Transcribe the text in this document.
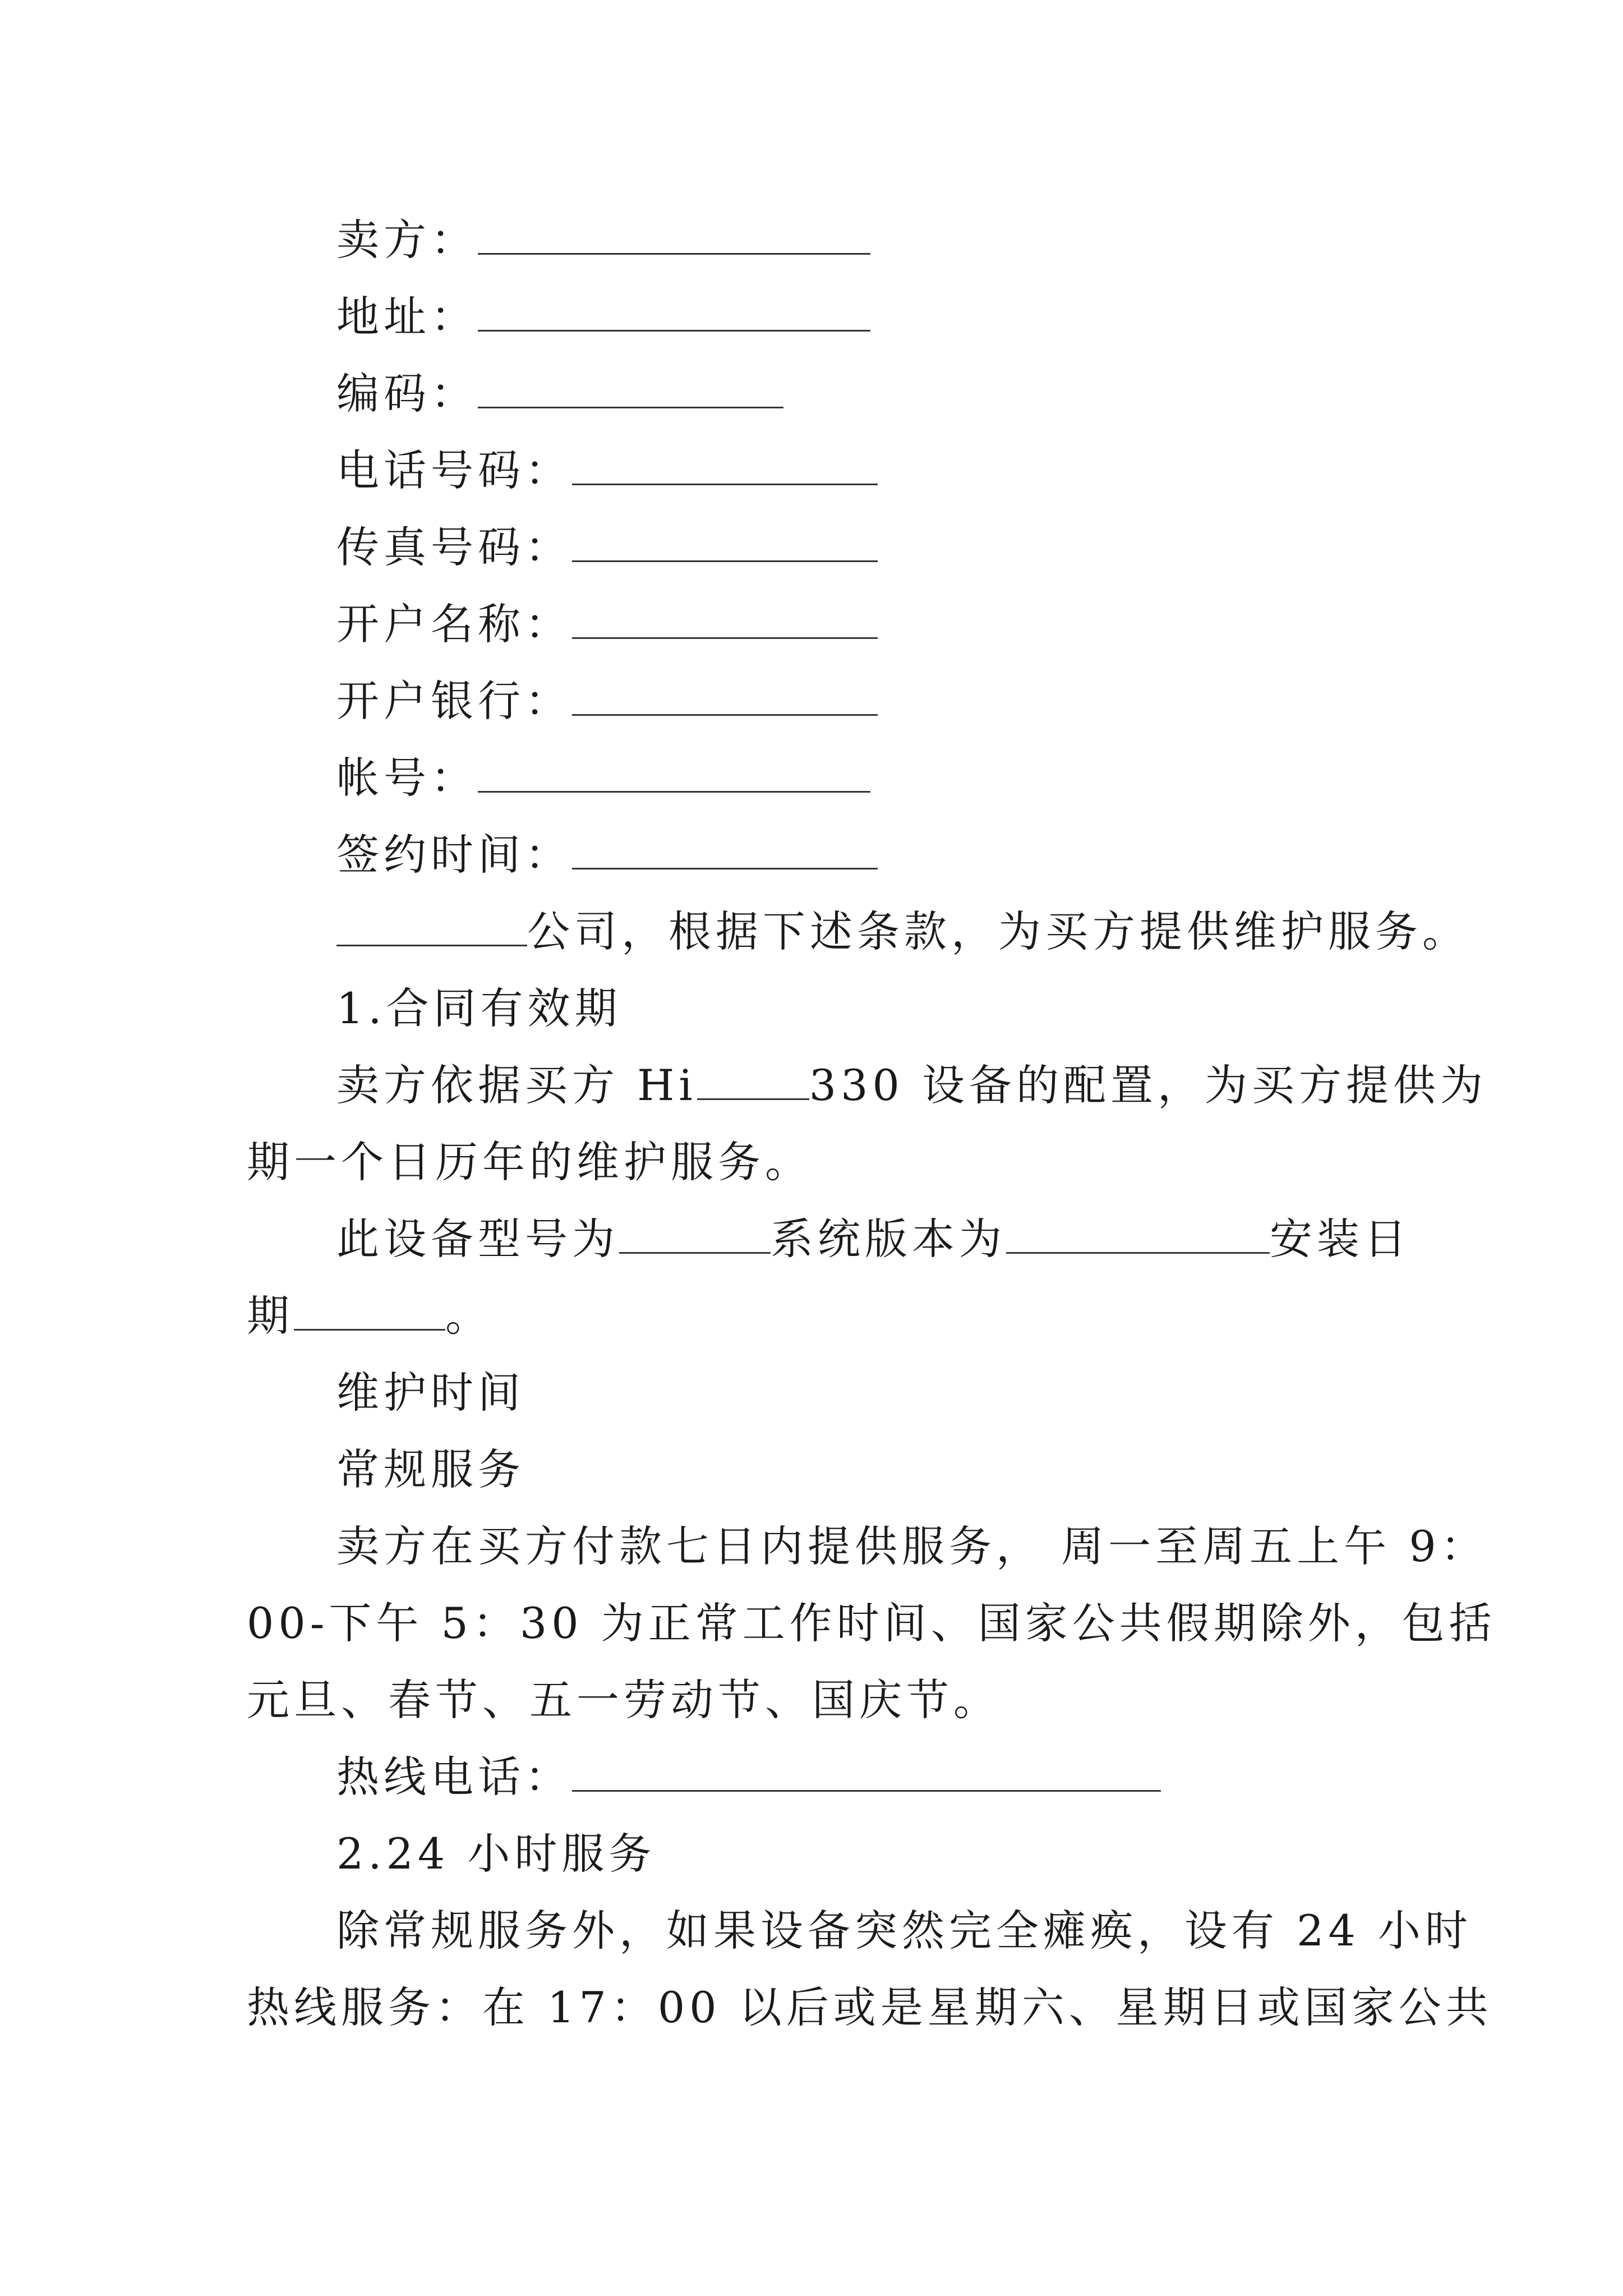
卖方：
地址：
编码：
电话号码：
传真号码：
开户名称：
开户银行：
帐号：
签约时间：
公司，根据下述条款，为买方提供维护服务。
1.合同有效期
卖方依据买方 Hi	330 设备的配置，为买方提供为
期一个日历年的维护服务。
此设备型号为	系统版本为	安装日
期	。
维护时间
常规服务
卖方在买方付款七日内提供服务， 周一至周五上午 9：
00-下午 5：30 为正常工作时间、国家公共假期除外，包括
元旦、春节、五一劳动节、国庆节。
热线电话：
2.24 小时服务
除常规服务外，如果设备突然完全瘫痪，设有 24 小时
热线服务：在 17：00 以后或是星期六、星期日或国家公共
